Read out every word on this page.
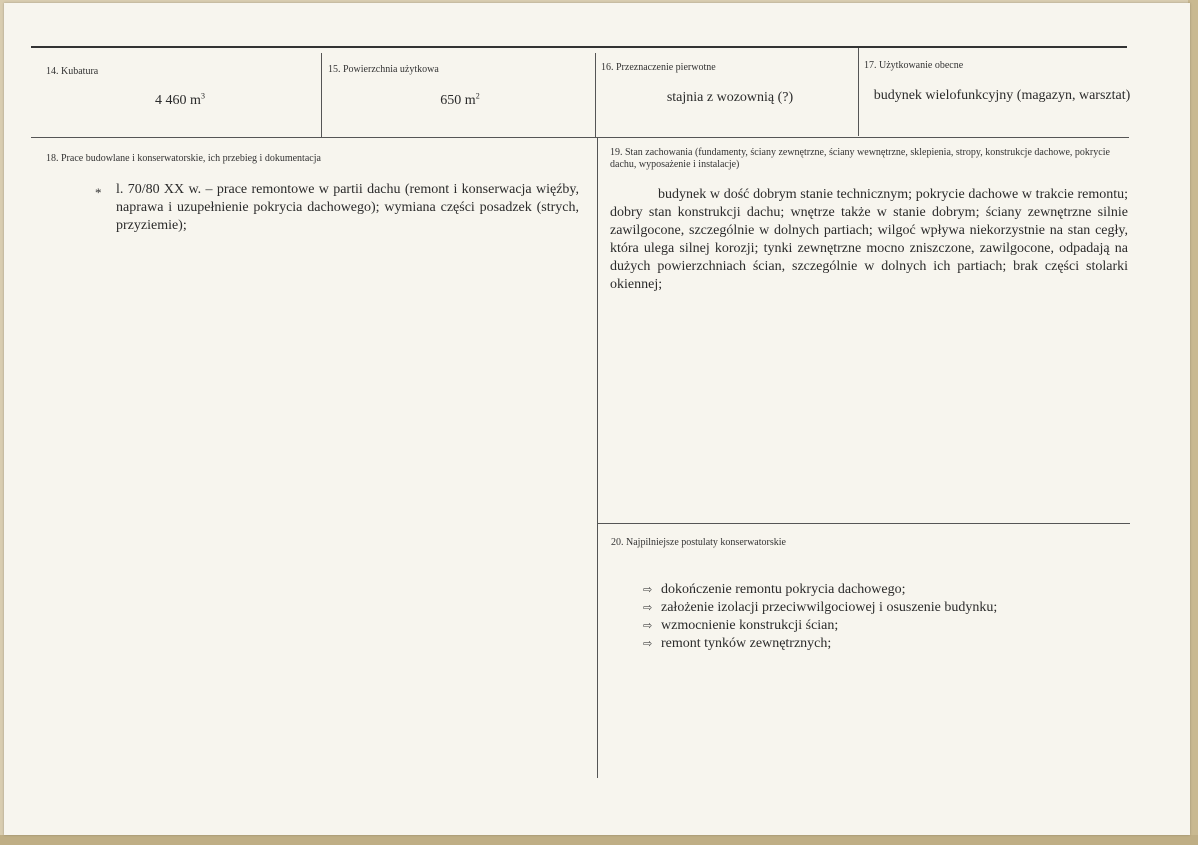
14. Kubatura
4 460 $m^3$
15. Powierzchnia użytkowa
650 $m^2$
16. Przeznaczenie pierwotne
stajnia z wozownią (?)
17. Użytkowanie obecne
budynek wielofunkcyjny (magazyn, warsztat)
18. Prace budowlane i konserwatorskie, ich przebieg i dokumentacja
* l. 70/80 XX w. – prace remontowe w partii dachu (remont i konserwacja więźby, naprawa i uzupełnienie pokrycia dachowego); wymiana części posadzek (strych, przyziemie);
19. Stan zachowania (fundamenty, ściany zewnętrzne, ściany wewnętrzne, sklepienia, stropy, konstrukcje dachowe, pokrycie dachu, wyposażenie i instalacje)
budynek w dość dobrym stanie technicznym; pokrycie dachowe w trakcie remontu; dobry stan konstrukcji dachu; wnętrze także w stanie dobrym; ściany zewnętrzne silnie zawilgocone, szczególnie w dolnych partiach; wilgoć wpływa niekorzystnie na stan cegły, która ulega silnej korozji; tynki zewnętrzne mocno zniszczone, zawilgocone, odpadają na dużych powierzchniach ścian, szczególnie w dolnych ich partiach; brak części stolarki okiennej;
20. Najpilniejsze postulaty konserwatorskie
⇨ dokończenie remontu pokrycia dachowego;
⇨ założenie izolacji przeciwwilgociowej i osuszenie budynku;
⇨ wzmocnienie konstrukcji ścian;
⇨ remont tynków zewnętrznych;
